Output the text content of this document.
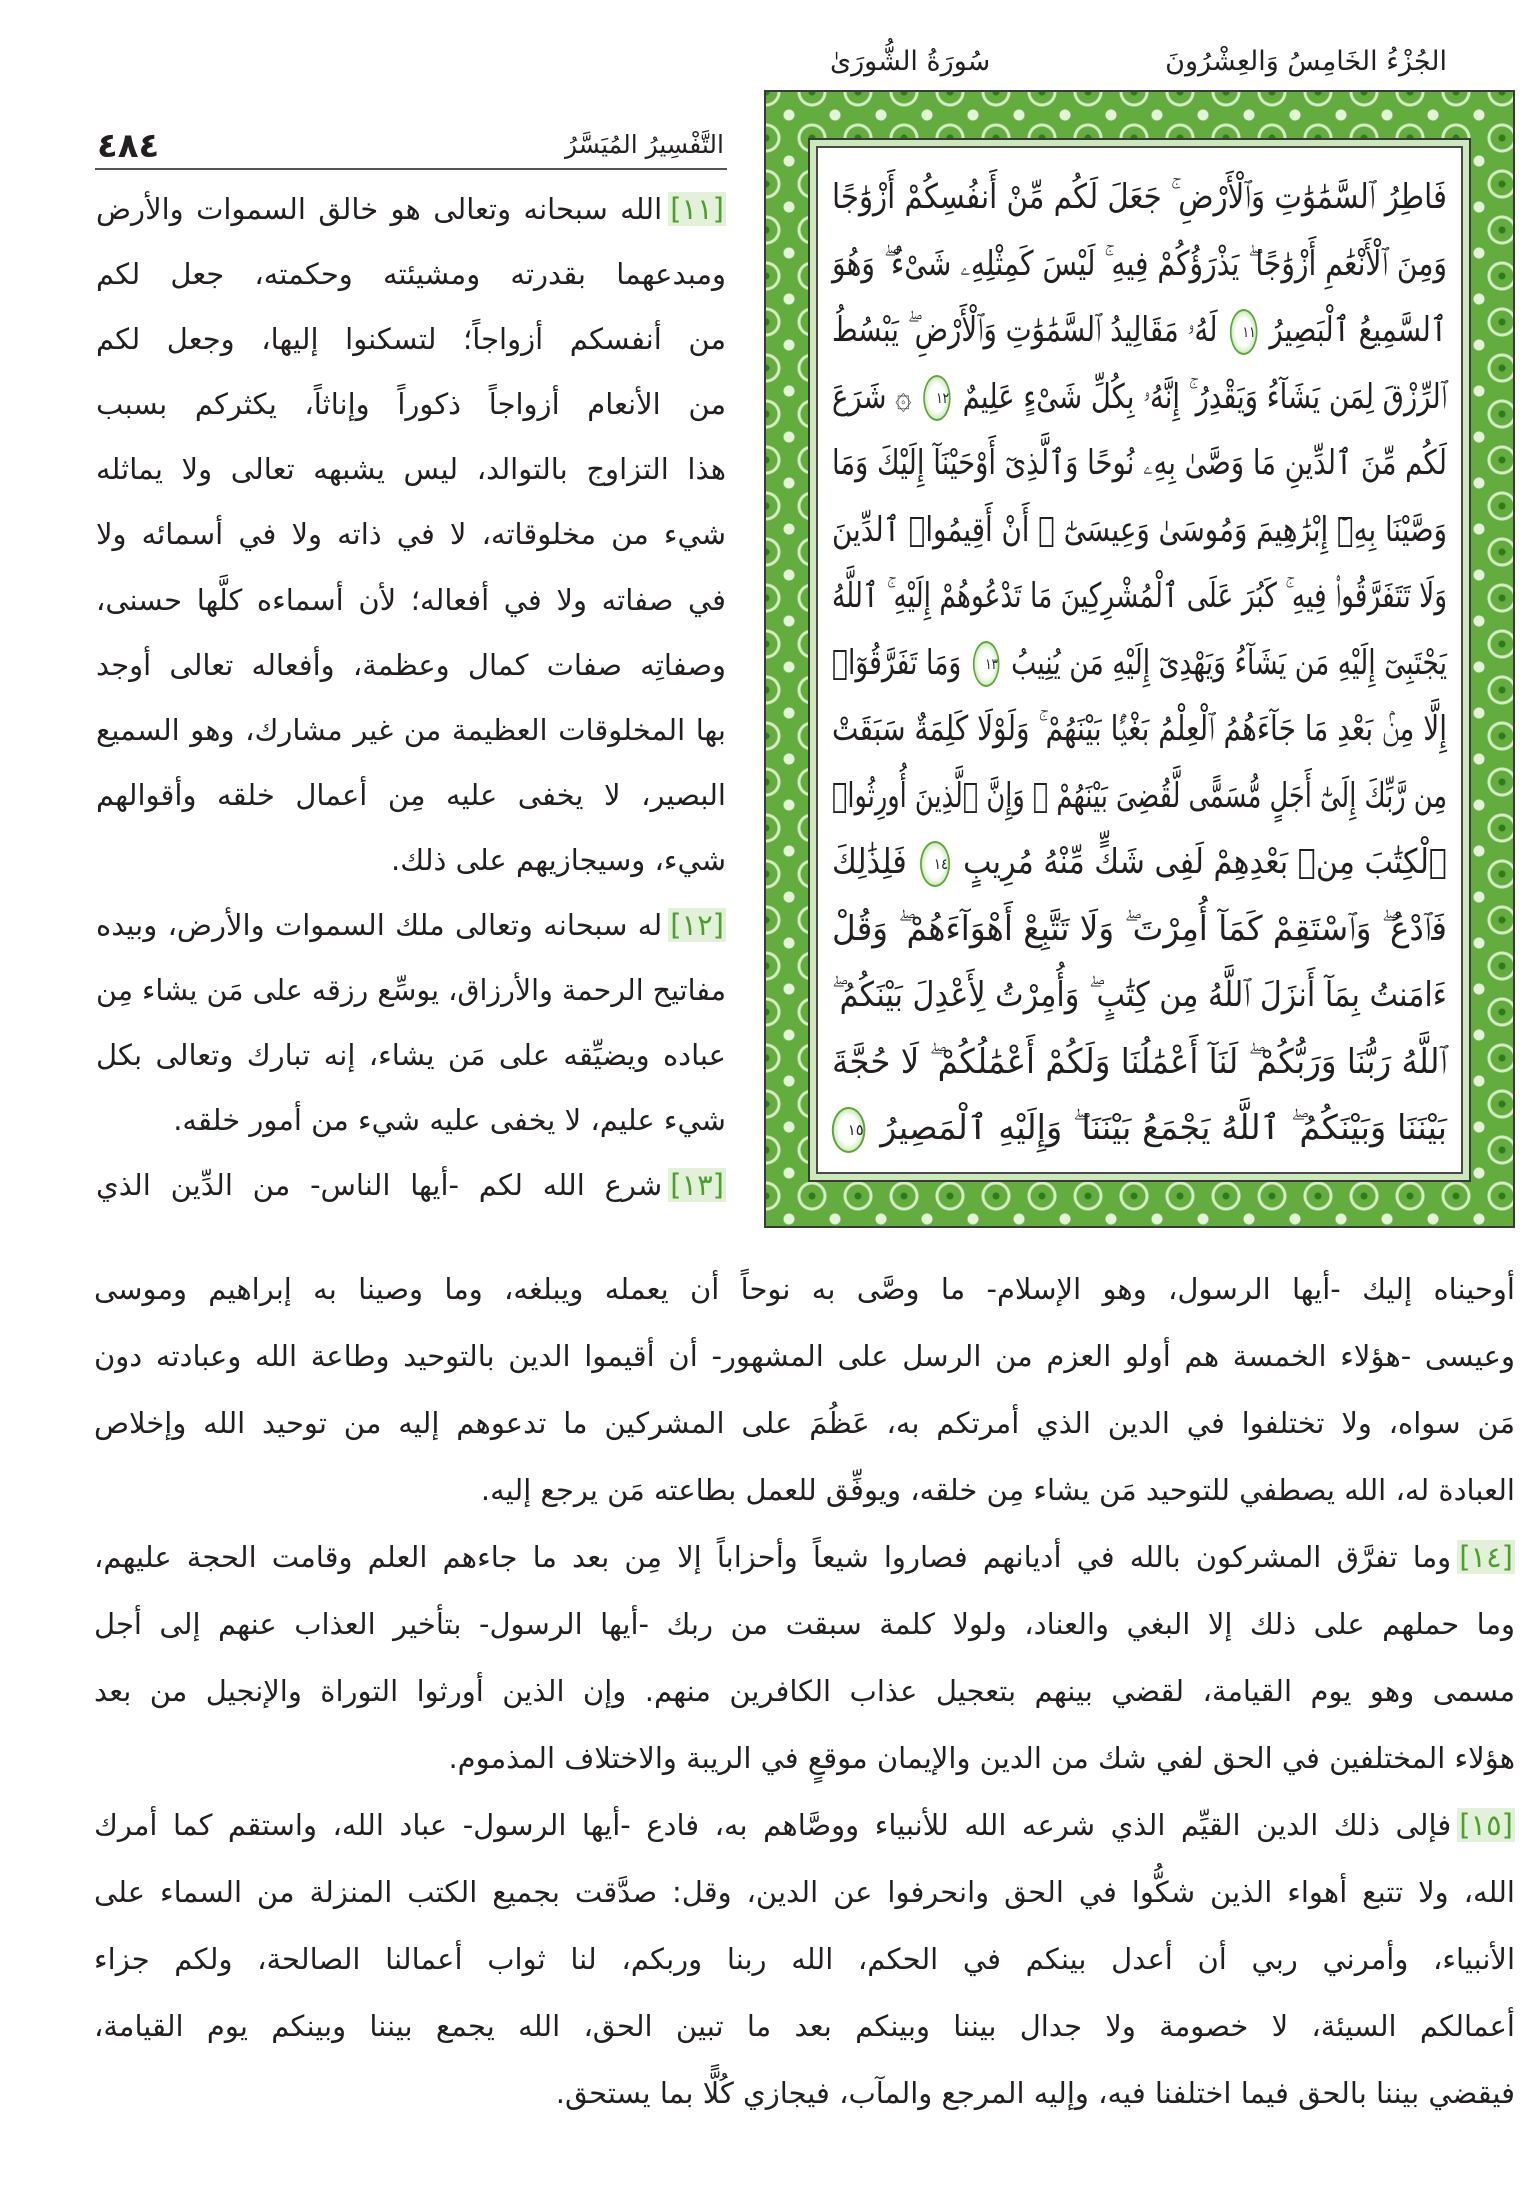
الجُزْءُ الخَامِسُ وَالعِشْرُونَ
سُورَةُ الشُّورَىٰ
التَّفْسِيرُ المُيَسَّرُ
٤٨٤
[ ١١ ]الله سبحانه وتعالى هو خالق السموات والأرض
ومبدعهما بقدرته ومشيئته وحكمته، جعل لكم
من أنفسكم أزواجاً؛ لتسكنوا إليها، وجعل لكم
من الأنعام أزواجاً ذكوراً وإناثاً، يكثركم بسبب
هذا التزاوج بالتوالد، ليس يشبهه تعالى ولا يماثله
شيء من مخلوقاته، لا في ذاته ولا في أسمائه ولا
في صفاته ولا في أفعاله؛ لأن أسماءه كلَّها حسنى،
وصفاتِه صفات كمال وعظمة، وأفعاله تعالى أوجد
بها المخلوقات العظيمة من غير مشارك، وهو السميع
البصير، لا يخفى عليه مِن أعمال خلقه وأقوالهم
شيء، وسيجازيهم على ذلك.
[ ١٢ ]له سبحانه وتعالى ملك السموات والأرض، وبيده
مفاتيح الرحمة والأرزاق، يوسِّع رزقه على مَن يشاء مِن
عباده ويضيِّقه على مَن يشاء، إنه تبارك وتعالى بكل
شيء عليم، لا يخفى عليه شيء من أمور خلقه.
[ ١٣ ]شرع الله لكم -أيها الناس- من الدِّين الذي
فَاطِرُ ٱلسَّمَٰوَٰتِ وَٱلْأَرْضِ ۚ جَعَلَ لَكُم مِّنْ أَنفُسِكُمْ أَزْوَٰجًا
وَمِنَ ٱلْأَنْعَٰمِ أَزْوَٰجًا ۖ يَذْرَؤُكُمْ فِيهِ ۚ لَيْسَ كَمِثْلِهِۦ شَىْءٌ ۖ وَهُوَ
ٱلسَّمِيعُ ٱلْبَصِيرُ ١١ لَهُۥ مَقَالِيدُ ٱلسَّمَٰوَٰتِ وَٱلْأَرْضِ ۖ يَبْسُطُ
ٱلرِّزْقَ لِمَن يَشَآءُ وَيَقْدِرُ ۚ إِنَّهُۥ بِكُلِّ شَىْءٍ عَلِيمٌ ١٢ ۞ شَرَعَ
لَكُم مِّنَ ٱلدِّينِ مَا وَصَّىٰ بِهِۦ نُوحًا وَٱلَّذِىٓ أَوْحَيْنَآ إِلَيْكَ وَمَا
وَصَّيْنَا بِهِۦٓ إِبْرَٰهِيمَ وَمُوسَىٰ وَعِيسَىٰٓ ۖ أَنْ أَقِيمُوا۟ ٱلدِّينَ
وَلَا تَتَفَرَّقُوا۟ فِيهِ ۚ كَبُرَ عَلَى ٱلْمُشْرِكِينَ مَا تَدْعُوهُمْ إِلَيْهِ ۚ ٱللَّهُ
يَجْتَبِىٓ إِلَيْهِ مَن يَشَآءُ وَيَهْدِىٓ إِلَيْهِ مَن يُنِيبُ ١٣ وَمَا تَفَرَّقُوٓا۟
إِلَّا مِنۢ بَعْدِ مَا جَآءَهُمُ ٱلْعِلْمُ بَغْيًۢا بَيْنَهُمْ ۚ وَلَوْلَا كَلِمَةٌ سَبَقَتْ
مِن رَّبِّكَ إِلَىٰٓ أَجَلٍ مُّسَمًّى لَّقُضِىَ بَيْنَهُمْ ۚ وَإِنَّ ٱلَّذِينَ أُورِثُوا۟
ٱلْكِتَٰبَ مِنۢ بَعْدِهِمْ لَفِى شَكٍّ مِّنْهُ مُرِيبٍ ١٤ فَلِذَٰلِكَ
فَٱدْعُ ۖ وَٱسْتَقِمْ كَمَآ أُمِرْتَ ۖ وَلَا تَتَّبِعْ أَهْوَآءَهُمْ ۖ وَقُلْ
ءَامَنتُ بِمَآ أَنزَلَ ٱللَّهُ مِن كِتَٰبٍ ۖ وَأُمِرْتُ لِأَعْدِلَ بَيْنَكُمُ ۖ
ٱللَّهُ رَبُّنَا وَرَبُّكُمْ ۖ لَنَآ أَعْمَٰلُنَا وَلَكُمْ أَعْمَٰلُكُمْ ۖ لَا حُجَّةَ
بَيْنَنَا وَبَيْنَكُمُ ۖ ٱللَّهُ يَجْمَعُ بَيْنَنَا ۖ وَإِلَيْهِ ٱلْمَصِيرُ ١٥
أوحيناه إليك -أيها الرسول، وهو الإسلام- ما وصَّى به نوحاً أن يعمله ويبلغه، وما وصينا به إبراهيم وموسى
وعيسى -هؤلاء الخمسة هم أولو العزم من الرسل على المشهور- أن أقيموا الدين بالتوحيد وطاعة الله وعبادته دون
مَن سواه، ولا تختلفوا في الدين الذي أمرتكم به، عَظُمَ على المشركين ما تدعوهم إليه من توحيد الله وإخلاص
العبادة له، الله يصطفي للتوحيد مَن يشاء مِن خلقه، ويوفِّق للعمل بطاعته مَن يرجع إليه.
[ ١٤ ]وما تفرَّق المشركون بالله في أديانهم فصاروا شيعاً وأحزاباً إلا مِن بعد ما جاءهم العلم وقامت الحجة عليهم،
وما حملهم على ذلك إلا البغي والعناد، ولولا كلمة سبقت من ربك -أيها الرسول- بتأخير العذاب عنهم إلى أجل
مسمى وهو يوم القيامة، لقضي بينهم بتعجيل عذاب الكافرين منهم. وإن الذين أورثوا التوراة والإنجيل من بعد
هؤلاء المختلفين في الحق لفي شك من الدين والإيمان موقعٍ في الريبة والاختلاف المذموم.
[ ١٥ ]فإلى ذلك الدين القيِّم الذي شرعه الله للأنبياء ووصَّاهم به، فادع -أيها الرسول- عباد الله، واستقم كما أمرك
الله، ولا تتبع أهواء الذين شكُّوا في الحق وانحرفوا عن الدين، وقل: صدَّقت بجميع الكتب المنزلة من السماء على
الأنبياء، وأمرني ربي أن أعدل بينكم في الحكم، الله ربنا وربكم، لنا ثواب أعمالنا الصالحة، ولكم جزاء
أعمالكم السيئة، لا خصومة ولا جدال بيننا وبينكم بعد ما تبين الحق، الله يجمع بيننا وبينكم يوم القيامة،
فيقضي بيننا بالحق فيما اختلفنا فيه، وإليه المرجع والمآب، فيجازي كُلًّا بما يستحق.
